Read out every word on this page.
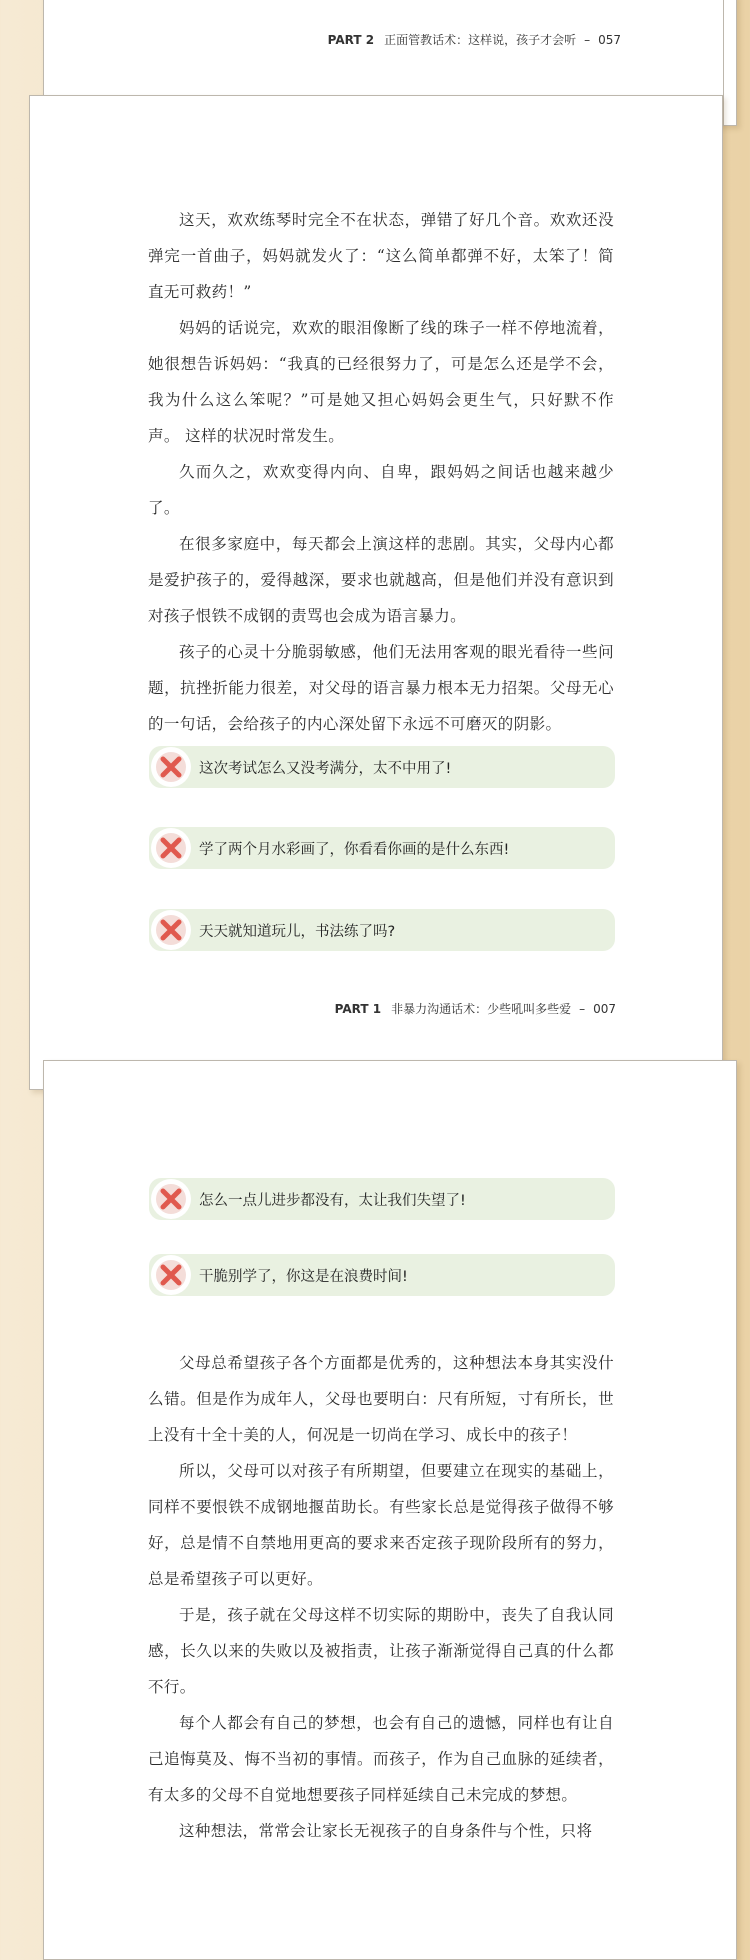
PART 2 正面管教话术：这样说，孩子才会听 – 057

这天，欢欢练琴时完全不在状态，弹错了好几个音。欢欢还没弹完一首曲子，妈妈就发火了：“这么简单都弹不好，太笨了！简直无可救药！”

妈妈的话说完，欢欢的眼泪像断了线的珠子一样不停地流着，她很想告诉妈妈：“我真的已经很努力了，可是怎么还是学不会，我为什么这么笨呢？”可是她又担心妈妈会更生气，只好默不作声。 这样的状况时常发生。

久而久之，欢欢变得内向、自卑，跟妈妈之间话也越来越少了。

在很多家庭中，每天都会上演这样的悲剧。其实，父母内心都是爱护孩子的，爱得越深，要求也就越高，但是他们并没有意识到对孩子恨铁不成钢的责骂也会成为语言暴力。

孩子的心灵十分脆弱敏感，他们无法用客观的眼光看待一些问题，抗挫折能力很差，对父母的语言暴力根本无力招架。父母无心的一句话，会给孩子的内心深处留下永远不可磨灭的阴影。

这次考试怎么又没考满分，太不中用了!
学了两个月水彩画了，你看看你画的是什么东西!
天天就知道玩儿，书法练了吗?
PART 1 非暴力沟通话术：少些吼叫多些爱 – 007
怎么一点儿进步都没有，太让我们失望了!
干脆别学了，你这是在浪费时间!

父母总希望孩子各个方面都是优秀的，这种想法本身其实没什么错。但是作为成年人，父母也要明白：尺有所短，寸有所长，世上没有十全十美的人，何况是一切尚在学习、成长中的孩子！

所以，父母可以对孩子有所期望，但要建立在现实的基础上，同样不要恨铁不成钢地揠苗助长。有些家长总是觉得孩子做得不够好，总是情不自禁地用更高的要求来否定孩子现阶段所有的努力，总是希望孩子可以更好。

于是，孩子就在父母这样不切实际的期盼中，丧失了自我认同感，长久以来的失败以及被指责，让孩子渐渐觉得自己真的什么都不行。

每个人都会有自己的梦想，也会有自己的遗憾，同样也有让自己追悔莫及、悔不当初的事情。而孩子，作为自己血脉的延续者，有太多的父母不自觉地想要孩子同样延续自己未完成的梦想。

这种想法，常常会让家长无视孩子的自身条件与个性，只将
